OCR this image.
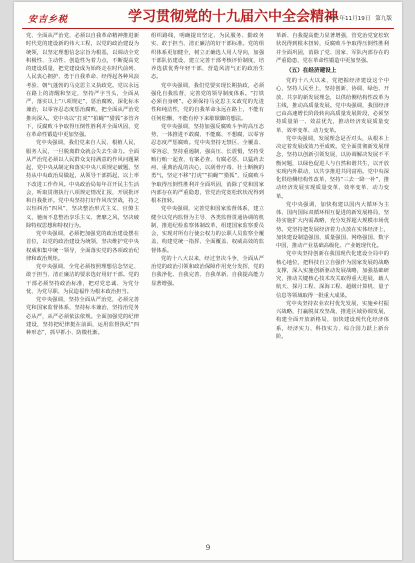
安吉乡税	学习贯彻党的十九届六中全会精神
2021年11月19日 第九版

党、全面从严治党，必须以自我革命精神推进新时代党的建设新的伟大工程，以党的政治建设为统领，以坚定理想信念宗旨为根基，以调动全党积极性、主动性、创造性为着力点，不断提高党的建设质量，把党建设成为始终走在时代前列、人民衷心拥护、勇于自我革命、经得起各种风浪考验、朝气蓬勃的马克思主义执政党。党以永远在路上的清醒和坚定，坚持严字当头，全面从严，落实以上“八项规定”，惩治腐败，深化标本兼治，以零容忍态度惩治腐败，把全面从严治党推向深入。党中央以“打虎”“拍蝇”“猎狐”多管齐下，反腐败斗争取得压倒性胜利并全面巩固，党在革命性锻造中更加坚强。

党中央强调，我们党来自人民、根植人民，服务人民，一旦脱离群众就会失去生命力。全面从严治党必须以人民群众支持满意的作风问题紧起，党中央从制定和落实中央八项规定破题，坚持从中央政治局做起，从领导干部抓起，以上率下改进工作作风。中央政治局每年召开民主生活会，听取贯彻执行八项规定情况汇报，开展批评和自我批评。党中央坚持打好作风攻坚战，持之以恒纠治“四风”，坚决整治形式主义、官僚主义，驰而不息整治享乐主义、奢靡之风，坚决破除特权思想和特权行为。

党中央强调，必须把加强党的政治建设摆在首位，以党的政治建设为统领，坚决维护党中央权威和集中统一领导，全面落实党的各项政治纪律和政治规矩。

党中央强调，全党必须按照理想信念坚定、敢于担当、清正廉洁的要求选好用好干部。党的干部必须坚持政治标准，把对党忠诚、为党分忧、为党尽职、为民造福作为根本政治担当。

党中央强调，坚持全面从严治党，必须完善党和国家监督体系，坚持标本兼治，坚持治党务必从严，从严必须依法依规。全面加强党的纪律建设，坚持把纪律挺在前面，运用监督执纪“四种形态”，抓早抓小、防微杜渐。

组织路线，明确提出坚定、为民服务、勤政务实、敢于担当、清正廉洁的好干部标准。党的组织体系更加健全，树立正确选人用人导向，加强干部队伍建设，建立完善干部考核评价制度，培养选拔优秀年轻干部，营造风清气正的政治生态。

党中央强调，我们党要实现长期执政，必须强化自我监督，完善党的领导制度体系。“打铁必须自身硬”。必须保持马克思主义政党的先进性和纯洁性，党的自我革命永远在路上，不能有任何松懈，不能有停下来歇歇脚的想法。

党中央强调，坚持加强反腐败斗争的高压态势，一体推进不敢腐、不能腐、不想腐，以零容忍态度严惩腐败。党中央坚持无禁区、全覆盖、零容忍，坚持重遏制、强高压、长震慑，坚持受贿行贿一起查，有案必查、有腐必惩，以猛药去疴、重典治乱的决心，以刮骨疗毒、壮士断腕的勇气，坚定不移“打虎”“拍蝇”“猎狐”，反腐败斗争取得压倒性胜利并全面巩固，消除了党和国家内部存在的严重隐患，管党治党宽松软状况得到根本扭转。

党中央强调，完善党和国家监督体系，建立健全以党内监督为主导、各类监督贯通协调的机制，推进纪检监察体制改革，组建国家监察委员会，实现对所有行使公权力的公职人员监察全覆盖，构建党统一指挥、全面覆盖、权威高效的监督体系。

党的十八大以来，经过坚决斗争，全面从严治党的政治引领和政治保障作用充分发挥，党的自我净化、自我完善、自我革新、自我提高能力显著增强。

革新、自我提高能力显著增强，管党治党宽松软状况得到根本扭转，反腐败斗争取得压倒性胜利并全面巩固，消除了党、国家、军队内部存在的严重隐患，党在革命性锻造中更加坚强。

（五）在经济建设上

党的十八大以来，党把握经济建设这个中心，坚持人民至上，坚持创新、协调、绿色、开放、共享的新发展理念，以供给侧结构性改革为主线，推动高质量发展。党中央强调，我国经济已由高速增长阶段转向高质量发展阶段，必须坚持质量第一、效益优先，推动经济发展质量变革、效率变革、动力变革。

党中央强调，发展理念是否对头，从根本上决定着发展成效乃至成败。党全面贯彻新发展理念，坚持以创新引领发展，以协调解决发展不平衡问题，以绿色促进人与自然和谐共生，以开放实现内外联动，以共享推进共同富裕。党中央深化供给侧结构性改革，坚持“三去一降一补”，推动经济发展实现质量变革、效率变革、动力变革。

党中央强调，加快构建以国内大循环为主体、国内国际双循环相互促进的新发展格局，坚持实施扩大内需战略，充分发挥超大规模市场优势。党坚持把发展经济着力点放在实体经济上，加快建设制造强国、质量强国、网络强国、数字中国，推动产业基础高级化、产业链现代化。

党中央坚持创新在我国现代化建设全局中的核心地位，把科技自立自强作为国家发展的战略支撑，深入实施创新驱动发展战略，加强基础研究，推动关键核心技术攻关取得重大进展，载人航天、探月工程、深海工程、超级计算机、量子信息等领域取得一批重大成果。

党中央坚持农业农村优先发展，实施乡村振兴战略，打赢脱贫攻坚战，推进区域协调发展，构建全面开放新格局，加快建设现代化经济体系，经济实力、科技实力、综合国力跃上新台阶。

9
